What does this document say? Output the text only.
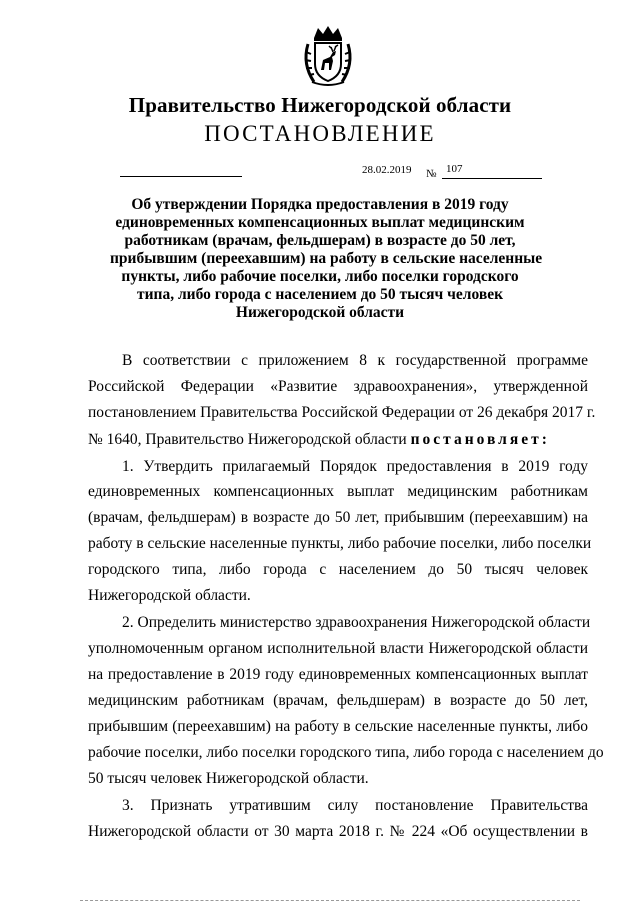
Правительство Нижегородской области
ПОСТАНОВЛЕНИЕ
28.02.2019 № 107
Об утверждении Порядка предоставления в 2019 году
единовременных компенсационных выплат медицинским
работникам (врачам, фельдшерам) в возрасте до 50 лет,
прибывшим (переехавшим) на работу в сельские населенные
пункты, либо рабочие поселки, либо поселки городского
типа, либо города с населением до 50 тысяч человек
Нижегородской области
В соответствии с приложением 8 к государственной программе
Российской Федерации «Развитие здравоохранения», утвержденной
постановлением Правительства Российской Федерации от 26 декабря 2017 г.
№ 1640, Правительство Нижегородской области постановляет:
1. Утвердить прилагаемый Порядок предоставления в 2019 году
единовременных компенсационных выплат медицинским работникам
(врачам, фельдшерам) в возрасте до 50 лет, прибывшим (переехавшим) на
работу в сельские населенные пункты, либо рабочие поселки, либо поселки
городского типа, либо города с населением до 50 тысяч человек
Нижегородской области.
2. Определить министерство здравоохранения Нижегородской области
уполномоченным органом исполнительной власти Нижегородской области
на предоставление в 2019 году единовременных компенсационных выплат
медицинским работникам (врачам, фельдшерам) в возрасте до 50 лет,
прибывшим (переехавшим) на работу в сельские населенные пункты, либо
рабочие поселки, либо поселки городского типа, либо города с населением до
50 тысяч человек Нижегородской области.
3. Признать утратившим силу постановление Правительства
Нижегородской области от 30 марта 2018 г. № 224 «Об осуществлении в
